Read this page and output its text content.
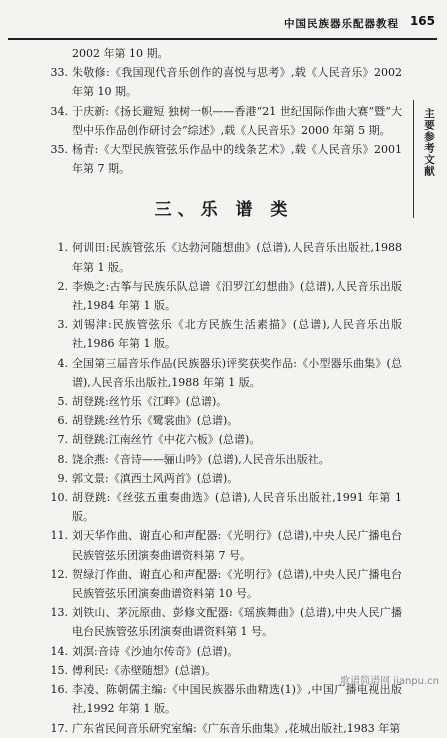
中国民族器乐配器教程 165
主要参考文献
2002 年第 10 期。
33. 朱敬修:《我国现代音乐创作的喜悦与思考》,载《人民音乐》2002 年第 10 期。
34. 于庆新:《扬长避短 独树一帜——香港“21 世纪国际作曲大赛”暨“大型中乐作品创作研讨会”综述》,载《人民音乐》2000 年第 5 期。
35. 杨青:《大型民族管弦乐作品中的线条艺术》,载《人民音乐》2001 年第 7 期。
三、乐 谱 类
1. 何训田:民族管弦乐《达勃河随想曲》(总谱),人民音乐出版社,1988 年第 1 版。
2. 李焕之:古筝与民族乐队总谱《汨罗江幻想曲》(总谱),人民音乐出版社,1984 年第 1 版。
3. 刘锡津:民族管弦乐《北方民族生活素描》(总谱),人民音乐出版社,1986 年第 1 版。
4. 全国第三届音乐作品(民族器乐)评奖获奖作品:《小型器乐曲集》(总谱),人民音乐出版社,1988 年第 1 版。
5. 胡登跳:丝竹乐《江畔》(总谱)。
6. 胡登跳:丝竹乐《鹭裳曲》(总谱)。
7. 胡登跳:江南丝竹《中花六板》(总谱)。
8. 饶余燕:《音诗——骊山吟》(总谱),人民音乐出版社。
9. 郭文景:《滇西土风两首》(总谱)。
10. 胡登跳:《丝弦五重奏曲选》(总谱),人民音乐出版社,1991 年第 1 版。
11. 刘天华作曲、谢直心和声配器:《光明行》(总谱),中央人民广播电台民族管弦乐团演奏曲谱资料第 7 号。
12. 贺绿汀作曲、谢直心和声配器:《光明行》(总谱),中央人民广播电台民族管弦乐团演奏曲谱资料第 10 号。
13. 刘铁山、茅沅原曲、彭修文配器:《瑶族舞曲》(总谱),中央人民广播电台民族管弦乐团演奏曲谱资料第 1 号。
14. 刘溟:音诗《沙迪尔传奇》(总谱)。
15. 傅利民:《赤壁随想》(总谱)。
16. 李凌、陈朝儒主编:《中国民族器乐曲精选(1)》,中国广播电视出版社,1992 年第 1 版。
17. 广东省民间音乐研究室编:《广东音乐曲集》,花城出版社,1983 年第
歌谱简谱网 jianpu.cn
